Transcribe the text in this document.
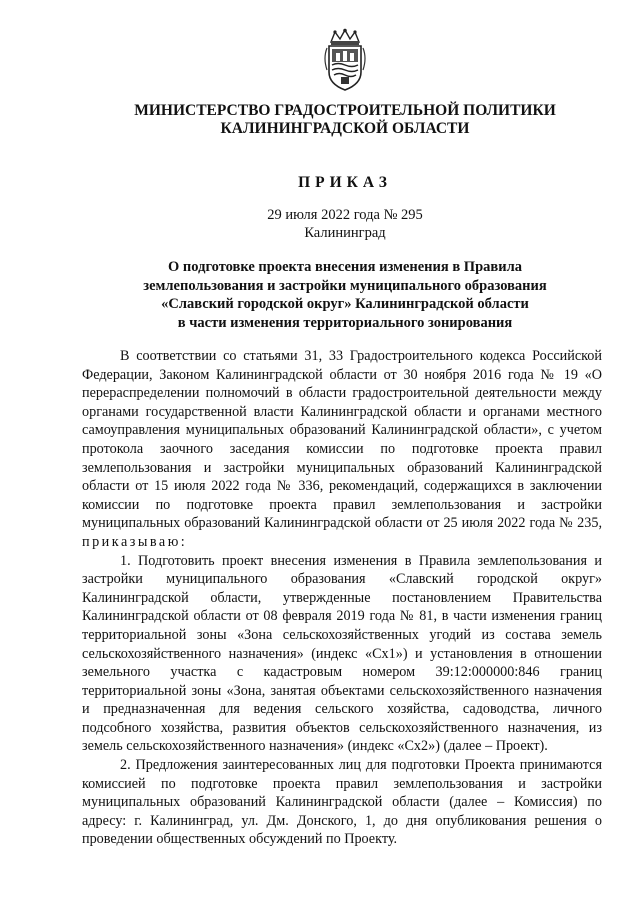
МИНИСТЕРСТВО ГРАДОСТРОИТЕЛЬНОЙ ПОЛИТИКИ
КАЛИНИНГРАДСКОЙ ОБЛАСТИ
ПРИКАЗ
29 июля 2022 года № 295
Калининград
О подготовке проекта внесения изменения в Правила
землепользования и застройки муниципального образования
«Славский городской округ» Калининградской области
в части изменения территориального зонирования

В соответствии со статьями 31, 33 Градостроительного кодекса Российской Федерации, Законом Калининградской области от 30 ноября 2016 года № 19 «О перераспределении полномочий в области градостроительной деятельности между органами государственной власти Калининградской области и органами местного самоуправления муниципальных образований Калининградской области», с учетом протокола заочного заседания комиссии по подготовке проекта правил землепользования и застройки муниципальных образований Калининградской области от 15 июля 2022 года № 336, рекомендаций, содержащихся в заключении комиссии по подготовке проекта правил землепользования и застройки муниципальных образований Калининградской области от 25 июля 2022 года № 235, приказываю:

1. Подготовить проект внесения изменения в Правила землепользования и застройки муниципального образования «Славский городской округ» Калининградской области, утвержденные постановлением Правительства Калининградской области от 08 февраля 2019 года № 81, в части изменения границ территориальной зоны «Зона сельскохозяйственных угодий из состава земель сельскохозяйственного назначения» (индекс «Сх1») и установления в отношении земельного участка с кадастровым номером 39:12:000000:846 границ территориальной зоны «Зона, занятая объектами сельскохозяйственного назначения и предназначенная для ведения сельского хозяйства, садоводства, личного подсобного хозяйства, развития объектов сельскохозяйственного назначения, из земель сельскохозяйственного назначения» (индекс «Сх2») (далее – Проект).

2. Предложения заинтересованных лиц для подготовки Проекта принимаются комиссией по подготовке проекта правил землепользования и застройки муниципальных образований Калининградской области (далее – Комиссия) по адресу: г. Калининград, ул. Дм. Донского, 1, до дня опубликования решения о проведении общественных обсуждений по Проекту.
